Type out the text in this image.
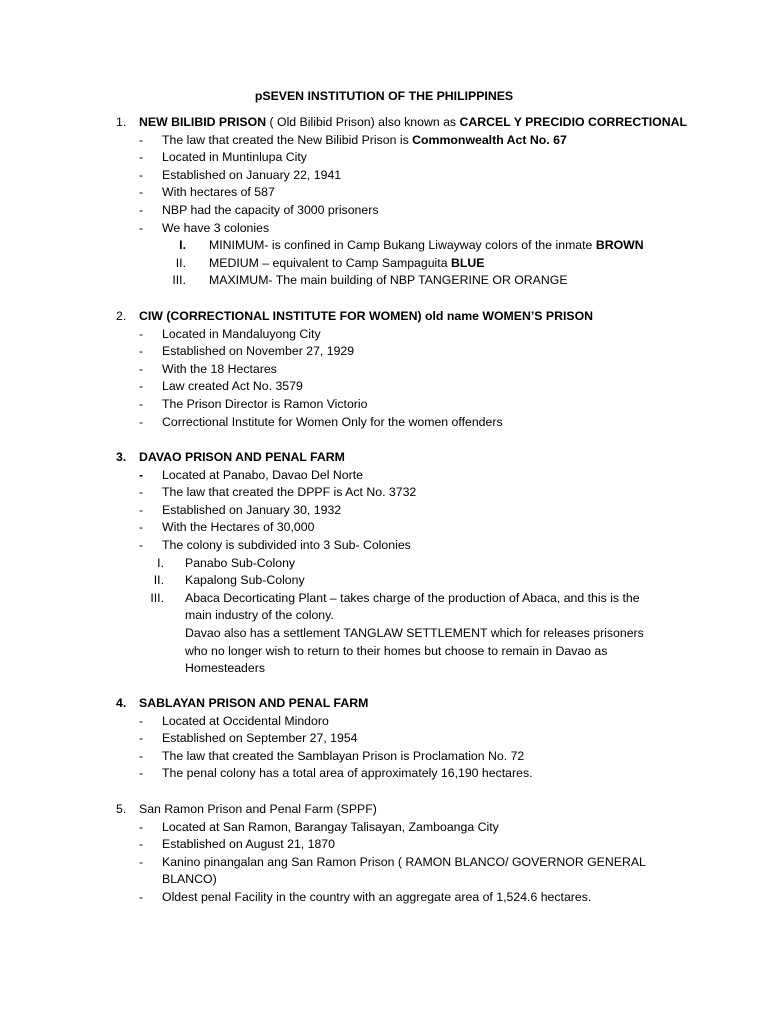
pSEVEN INSTITUTION OF THE PHILIPPINES
1. NEW BILIBID PRISON ( Old Bilibid Prison) also known as CARCEL Y PRECIDIO CORRECTIONAL
- The law that created the New Bilibid Prison is Commonwealth Act No. 67
- Located in Muntinlupa City
- Established on January 22, 1941
- With hectares of 587
- NBP had the capacity of 3000 prisoners
- We have 3 colonies
I. MINIMUM- is confined in Camp Bukang Liwayway colors of the inmate BROWN
II. MEDIUM – equivalent to Camp Sampaguita BLUE
III. MAXIMUM- The main building of NBP TANGERINE OR ORANGE
2. CIW (CORRECTIONAL INSTITUTE FOR WOMEN) old name WOMEN’S PRISON
- Located in Mandaluyong City
- Established on November 27, 1929
- With the 18 Hectares
- Law created Act No. 3579
- The Prison Director is Ramon Victorio
- Correctional Institute for Women Only for the women offenders
3. DAVAO PRISON AND PENAL FARM
- Located at Panabo, Davao Del Norte
- The law that created the DPPF is Act No. 3732
- Established on January 30, 1932
- With the Hectares of 30,000
- The colony is subdivided into 3 Sub- Colonies
I. Panabo Sub-Colony
II. Kapalong Sub-Colony
III. Abaca Decorticating Plant – takes charge of the production of Abaca, and this is the
main industry of the colony.
Davao also has a settlement TANGLAW SETTLEMENT which for releases prisoners
who no longer wish to return to their homes but choose to remain in Davao as
Homesteaders
4. SABLAYAN PRISON AND PENAL FARM
- Located at Occidental Mindoro
- Established on September 27, 1954
- The law that created the Samblayan Prison is Proclamation No. 72
- The penal colony has a total area of approximately 16,190 hectares.
5. San Ramon Prison and Penal Farm (SPPF)
- Located at San Ramon, Barangay Talisayan, Zamboanga City
- Established on August 21, 1870
- Kanino pinangalan ang San Ramon Prison ( RAMON BLANCO/ GOVERNOR GENERAL
BLANCO)
- Oldest penal Facility in the country with an aggregate area of 1,524.6 hectares.
